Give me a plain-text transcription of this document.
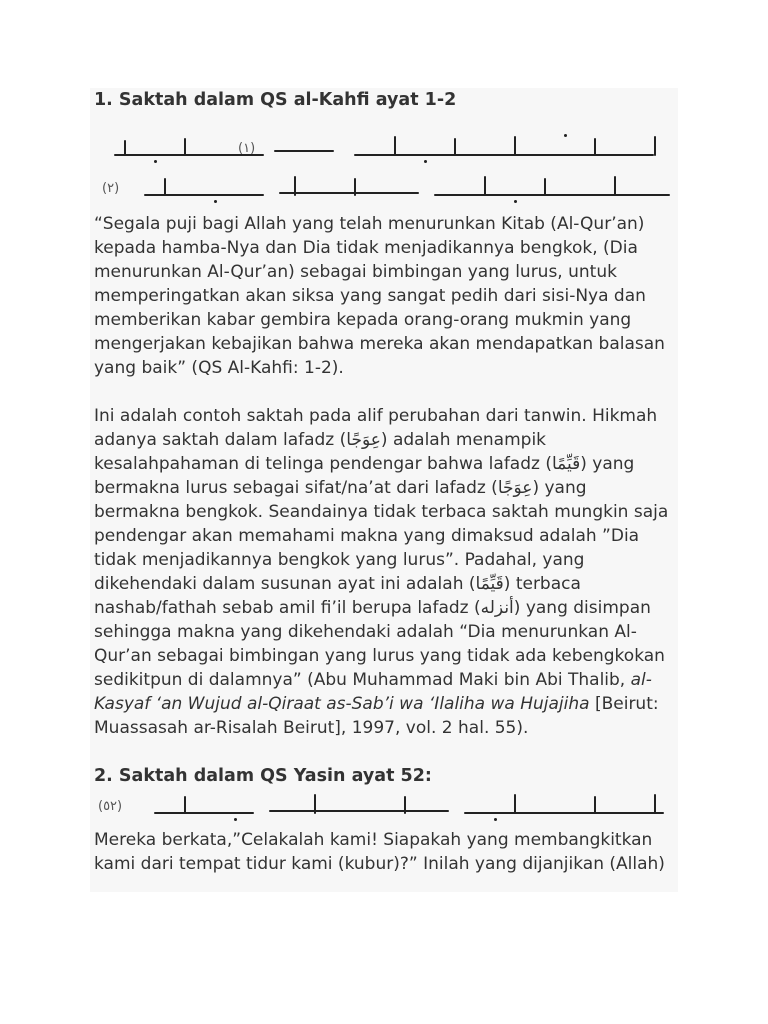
1. Saktah dalam QS al-Kahfi ayat 1-2
(١)
(٢)

“Segala puji bagi Allah yang telah menurunkan Kitab (Al-Qur’an) kepada hamba-Nya dan Dia tidak menjadikannya bengkok, (Dia menurunkan Al-Qur’an) sebagai bimbingan yang lurus, untuk memperingatkan akan siksa yang sangat pedih dari sisi-Nya dan memberikan kabar gembira kepada orang-orang mukmin yang mengerjakan kebajikan bahwa mereka akan mendapatkan balasan yang baik” (QS Al-Kahfi: 1-2).

Ini adalah contoh saktah pada alif perubahan dari tanwin. Hikmah
adanya saktah dalam lafadz (عِوَجًا) adalah menampik
kesalahpahaman di telinga pendengar bahwa lafadz (قَيِّمًا) yang
bermakna lurus sebagai sifat/na’at dari lafadz (عِوَجًا) yang
bermakna bengkok. Seandainya tidak terbaca saktah mungkin saja
pendengar akan memahami makna yang dimaksud adalah ”Dia
tidak menjadikannya bengkok yang lurus”. Padahal, yang
dikehendaki dalam susunan ayat ini adalah (قَيِّمًا) terbaca
nashab/fathah sebab amil fi’il berupa lafadz (أنزله) yang disimpan
sehingga makna yang dikehendaki adalah “Dia menurunkan Al-
Qur’an sebagai bimbingan yang lurus yang tidak ada kebengkokan
sedikitpun di dalamnya” (Abu Muhammad Maki bin Abi Thalib, al-
Kasyaf ‘an Wujud al-Qiraat as-Sab’i wa ‘Ilaliha wa Hujajiha [Beirut:
Muassasah ar-Risalah Beirut], 1997, vol. 2 hal. 55).
2. Saktah dalam QS Yasin ayat 52:
(٥٢)
Mereka berkata,”Celakalah kami! Siapakah yang membangkitkan
kami dari tempat tidur kami (kubur)?” Inilah yang dijanjikan (Allah)
